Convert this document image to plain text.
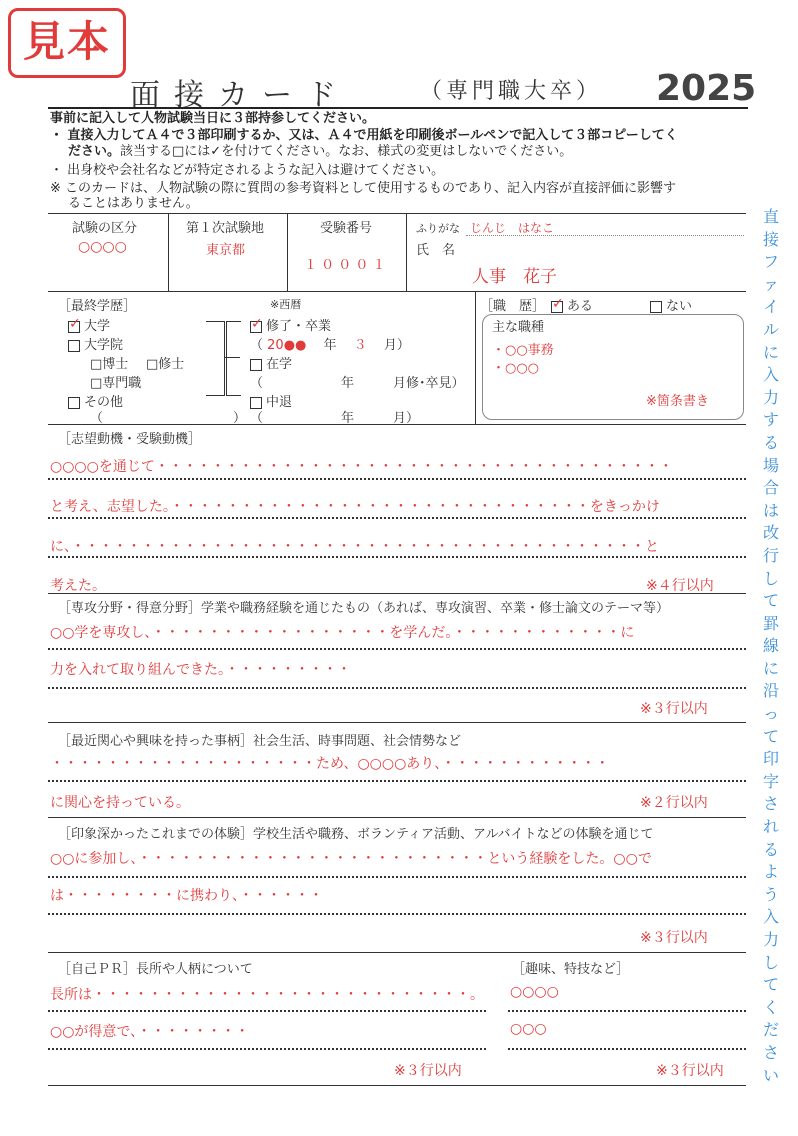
見本
面接カード	（専門職大卒） 2025
事前に記入して人物試験当日に３部持参してください。
・ 直接入力してＡ４で３部印刷するか、又は、Ａ４で用紙を印刷後ボールペンで記入して３部コピーしてく
ださい。該当する□には✓を付けてください。なお、様式の変更はしないでください。
・ 出身校や会社名などが特定されるような記入は避けてください。
※ このカードは、人物試験の際に質問の参考資料として使用するものであり、記入内容が直接評価に影響す
ることはありません。
試験の区分
○○○○
第１次試験地
東京都
受験番号
１ ０ ０ ０ １
ふりがな じんじ　はなこ
氏　名
人事　花子
［最終学歴］	※西暦
✓大学
大学院
□博士 □修士
□専門職
その他
（　　　　　　　　　　）
✓修了・卒業
（ 20●●　 年　 ３　 月）
在学
（　　　　　　年　　　月修･卒見）
中退
（　　　　　　年　　　月）
［職　歴］
✓	ある	ない
主な職種
・○○事務
・○○○
※箇条書き
［志望動機・受験動機］
○○○○を通じて・・・・・・・・・・・・・・・・・・・・・・・・・・・・・・・・・・・・・
と考え、志望した。・・・・・・・・・・・・・・・・・・・・・・・・・・・・・・をきっかけ
に、・・・・・・・・・・・・・・・・・・・・・・・・・・・・・・・・・・・・・・・・・と
考えた。	※４行以内
［専攻分野・得意分野］学業や職務経験を通じたもの（あれば、専攻演習、卒業・修士論文のテーマ等）
○○学を専攻し、・・・・・・・・・・・・・・・・・を学んだ。・・・・・・・・・・・・に
力を入れて取り組んできた。・・・・・・・・・
※３行以内
［最近関心や興味を持った事柄］社会生活、時事問題、社会情勢など
・・・・・・・・・・・・・・・・・・・ため、○○○○あり、・・・・・・・・・・・・
に関心を持っている。	※２行以内
［印象深かったこれまでの体験］学校生活や職務、ボランティア活動、アルバイトなどの体験を通じて
○○に参加し、・・・・・・・・・・・・・・・・・・・・・・・・・という経験をした。○○で
は・・・・・・・・に携わり、・・・・・・
※３行以内
［自己ＰＲ］長所や人柄について	［趣味、特技など］
長所は・・・・・・・・・・・・・・・・・・・・・・・・・・・。 ○○○○
○○が得意で、・・・・・・・・	○○○
※３行以内	※３行以内
直
接
フ
ァ
イ
ル
に
入
力
す
る
場
合
は
改
行
し
て
罫
線
に
沿
っ
て
印
字
さ
れ
る
よ
う
入
力
し
て
く
だ
さ
い
